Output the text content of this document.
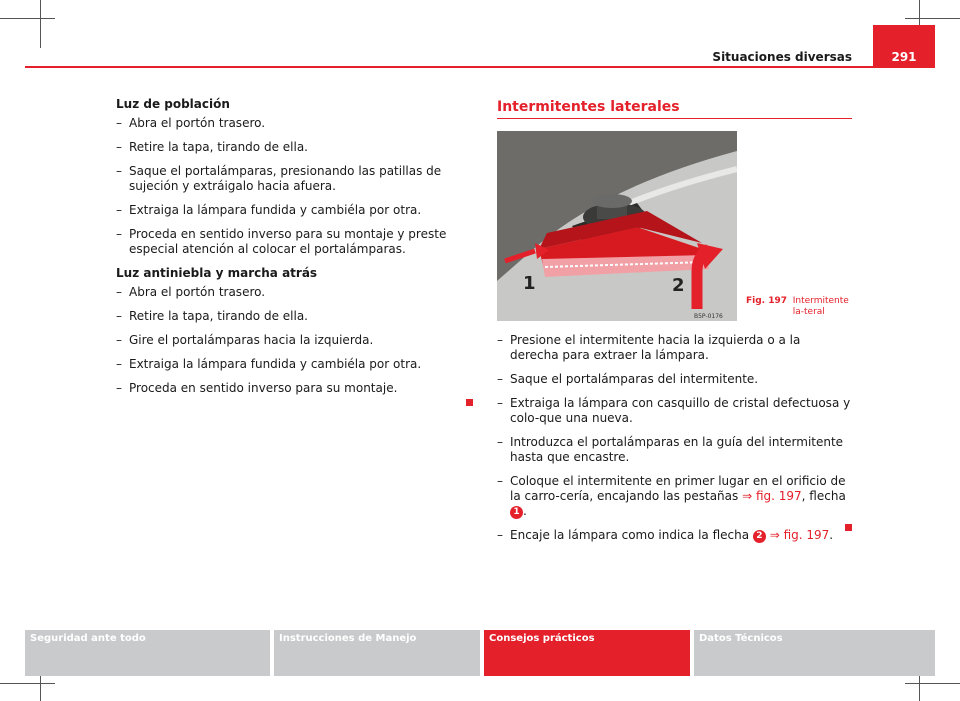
Situaciones diversas	291
Luz de población
– Abra el portón trasero.
– Retire la tapa, tirando de ella.
– Saque el portalámparas, presionando las patillas de sujeción y extráigalo hacia afuera.
– Extraiga la lámpara fundida y cambiéla por otra.
– Proceda en sentido inverso para su montaje y preste especial atención al colocar el portalámparas.
Luz antiniebla y marcha atrás
– Abra el portón trasero.
– Retire la tapa, tirando de ella.
– Gire el portalámparas hacia la izquierda.
– Extraiga la lámpara fundida y cambiéla por otra.
– Proceda en sentido inverso para su montaje.
Intermitentes laterales
1	2
B5P-0176
Fig. 197 Intermitente la-teral
– Presione el intermitente hacia la izquierda o a la derecha para extraer la lámpara.
– Saque el portalámparas del intermitente.
– Extraiga la lámpara con casquillo de cristal defectuosa y colo-que una nueva.
– Introduzca el portalámparas en la guía del intermitente hasta que encastre.
– Coloque el intermitente en primer lugar en el orificio de la carro-cería, encajando las pestañas ⇒ fig. 197, flecha 1 .
– Encaje la lámpara como indica la flecha 2 ⇒ fig. 197.
Seguridad ante todo	Instrucciones de Manejo	Consejos prácticos	Datos Técnicos
